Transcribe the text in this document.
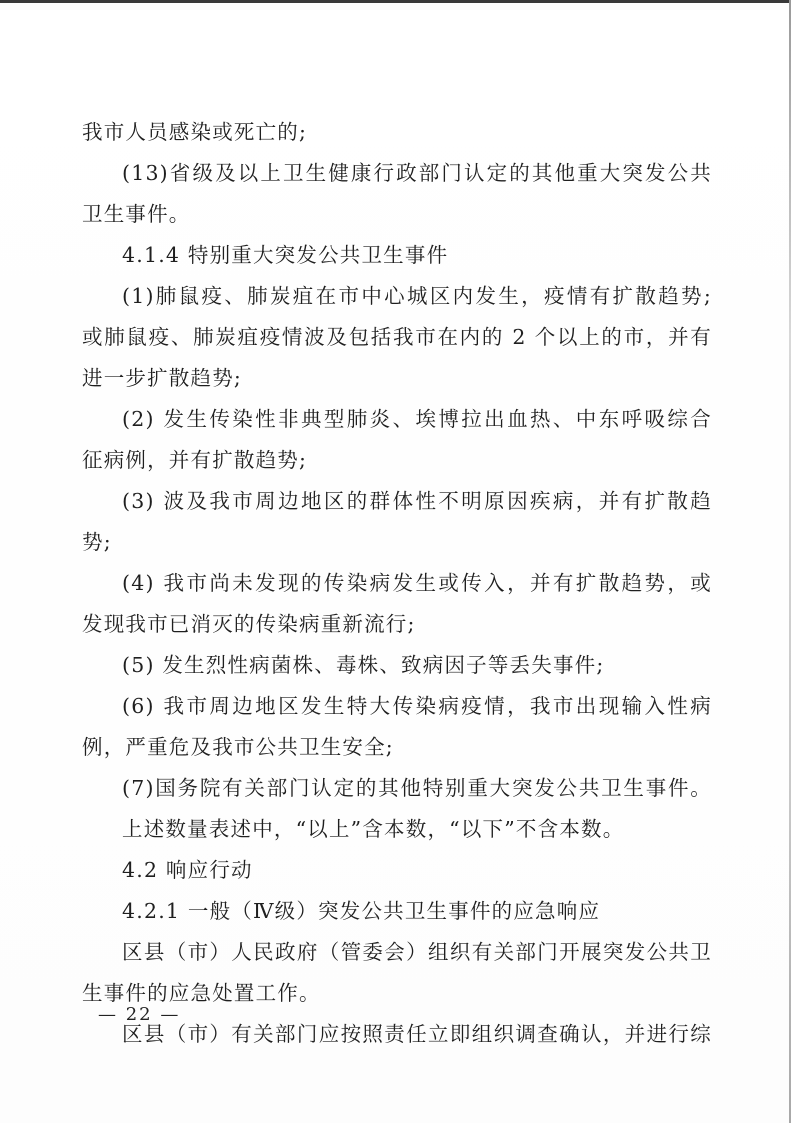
我市人员感染或死亡的;
(13)省级及以上卫生健康行政部门认定的其他重大突发公共
卫生事件。
4.1.4 特别重大突发公共卫生事件
(1)肺鼠疫、肺炭疽在市中心城区内发生，疫情有扩散趋势;
或肺鼠疫、肺炭疽疫情波及包括我市在内的 2 个以上的市，并有
进一步扩散趋势;
(2) 发生传染性非典型肺炎、埃博拉出血热、中东呼吸综合
征病例，并有扩散趋势;
(3) 波及我市周边地区的群体性不明原因疾病，并有扩散趋
势;
(4) 我市尚未发现的传染病发生或传入，并有扩散趋势，或
发现我市已消灭的传染病重新流行;
(5) 发生烈性病菌株、毒株、致病因子等丢失事件;
(6) 我市周边地区发生特大传染病疫情，我市出现输入性病
例，严重危及我市公共卫生安全;
(7)国务院有关部门认定的其他特别重大突发公共卫生事件。
上述数量表述中，“以上”含本数，“以下”不含本数。
4.2 响应行动
4.2.1 一般（Ⅳ级）突发公共卫生事件的应急响应
区县（市）人民政府（管委会）组织有关部门开展突发公共卫
生事件的应急处置工作。
区县（市）有关部门应按照责任立即组织调查确认，并进行综
— 22 —
